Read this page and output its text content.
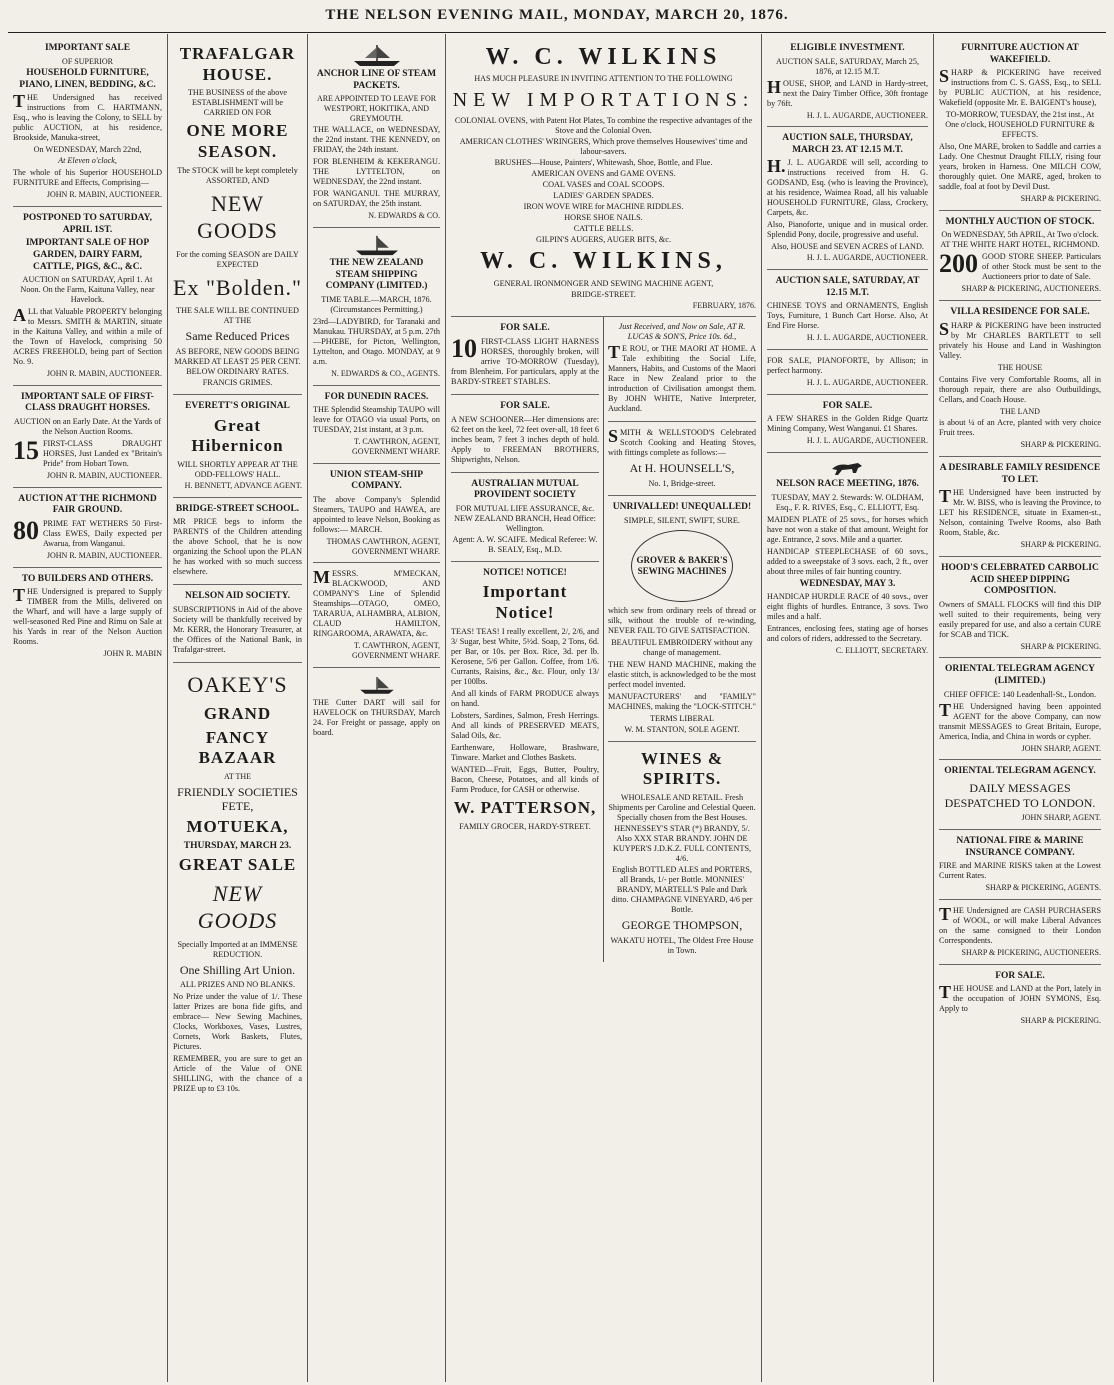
THE NELSON EVENING MAIL, MONDAY, MARCH 20, 1876.
IMPORTANT SALE
OF SUPERIOR
HOUSEHOLD FURNITURE, PIANO, LINEN, BEDDING, &C.
THE Undersigned has received instructions from C. HARTMANN, Esq., who is leaving the Colony, to SELL by public AUCTION, at his residence, Brookside, Manuka-street,
On WEDNESDAY, March 22nd,
At Eleven o'clock,
The whole of his Superior HOUSEHOLD FURNITURE and Effects, Comprising—
JOHN R. MABIN, AUCTIONEER.
POSTPONED TO SATURDAY, APRIL 1ST.
IMPORTANT SALE OF HOP GARDEN, DAIRY FARM, CATTLE, PIGS, &C., &C.
AUCTION on SATURDAY, April 1. At Noon. On the Farm, Kaituna Valley, near Havelock.
ALL that Valuable PROPERTY belonging to Messrs. SMITH & MARTIN, situate in the Kaituna Valley, and within a mile of the Town of Havelock, comprising 50 ACRES FREEHOLD, being part of Section No. 9.
JOHN R. MABIN, AUCTIONEER.
IMPORTANT SALE OF FIRST-CLASS DRAUGHT HORSES.
AUCTION on an Early Date. At the Yards of the Nelson Auction Rooms.
15 FIRST-CLASS DRAUGHT HORSES, Just Landed ex "Britain's Pride" from Hobart Town.
JOHN R. MABIN, AUCTIONEER.
AUCTION AT THE RICHMOND FAIR GROUND.
80 PRIME FAT WETHERS 50 First-Class EWES, Daily expected per Awarua, from Wanganui.
JOHN R. MABIN, AUCTIONEER.
TO BUILDERS AND OTHERS.
THE Undersigned is prepared to Supply TIMBER from the Mills, delivered on the Wharf, and will have a large supply of well-seasoned Red Pine and Rimu on Sale at his Yards in rear of the Nelson Auction Rooms.
JOHN R. MABIN
TRAFALGAR HOUSE.
THE BUSINESS of the above ESTABLISHMENT will be CARRIED ON FOR
ONE MORE SEASON.
The STOCK will be kept completely ASSORTED, AND
NEW GOODS
For the coming SEASON are DAILY EXPECTED
Ex "Bolden."
THE SALE WILL BE CONTINUED AT THE
Same Reduced Prices
AS BEFORE, NEW GOODS BEING MARKED AT LEAST 25 PER CENT. BELOW ORDINARY RATES.
FRANCIS GRIMES.
EVERETT'S ORIGINAL
Great Hibernicon
WILL SHORTLY APPEAR AT THE ODD-FELLOWS' HALL.
H. BENNETT, ADVANCE AGENT.
BRIDGE-STREET SCHOOL.
MR PRICE begs to inform the PARENTS of the Children attending the above School, that he is now organizing the School upon the PLAN he has worked with so much success elsewhere.
NELSON AID SOCIETY.
SUBSCRIPTIONS in Aid of the above Society will be thankfully received by Mr. KERR, the Honorary Treasurer, at the Offices of the National Bank, in Trafalgar-street.
OAKEY'S
GRAND
FANCY BAZAAR
AT THE
FRIENDLY SOCIETIES FETE,
MOTUEKA,
THURSDAY, MARCH 23.
GREAT SALE
NEW GOODS
Specially Imported at an IMMENSE REDUCTION.
One Shilling Art Union.
ALL PRIZES AND NO BLANKS.
No Prize under the value of 1/. These latter Prizes are bona fide gifts, and embrace— New Sewing Machines, Clocks, Workboxes, Vases, Lustres, Cornets, Work Baskets, Flutes, Pictures.
REMEMBER, you are sure to get an Article of the Value of ONE SHILLING, with the chance of a PRIZE up to £3 10s.
ANCHOR LINE OF STEAM PACKETS.
ARE APPOINTED TO LEAVE FOR WESTPORT, HOKITIKA, AND GREYMOUTH.
THE WALLACE, on WEDNESDAY, the 22nd instant. THE KENNEDY, on FRIDAY, the 24th instant.
FOR BLENHEIM & KEKERANGU. THE LYTTELTON, on WEDNESDAY, the 22nd instant.
FOR WANGANUI. THE MURRAY, on SATURDAY, the 25th instant.
N. EDWARDS & CO.
THE NEW ZEALAND STEAM SHIPPING COMPANY (LIMITED.)
TIME TABLE.—MARCH, 1876. (Circumstances Permitting.)
23rd—LADYBIRD, for Taranaki and Manukau. THURSDAY, at 5 p.m. 27th—PHŒBE, for Picton, Wellington, Lyttelton, and Otago. MONDAY, at 9 a.m.
N. EDWARDS & CO., AGENTS.
FOR DUNEDIN RACES.
THE Splendid Steamship TAUPO will leave for OTAGO via usual Ports, on TUESDAY, 21st instant, at 3 p.m.
T. CAWTHRON, AGENT, GOVERNMENT WHARF.
UNION STEAM-SHIP COMPANY.
The above Company's Splendid Steamers, TAUPO and HAWEA, are appointed to leave Nelson, Booking as follows:— MARCH.
THOMAS CAWTHRON, AGENT, GOVERNMENT WHARF.
MESSRS. M'MECKAN, BLACKWOOD, AND COMPANY'S Line of Splendid Steamships—OTAGO, OMEO, TARARUA, ALHAMBRA, ALBION, CLAUD HAMILTON, RINGAROOMA, ARAWATA, &c.
T. CAWTHRON, AGENT, GOVERNMENT WHARF.
THE Cutter DART will sail for HAVELOCK on THURSDAY, March 24. For Freight or passage, apply on board.
W. C. WILKINS
HAS MUCH PLEASURE IN INVITING ATTENTION TO THE FOLLOWING
NEW IMPORTATIONS:
COLONIAL OVENS, with Patent Hot Plates, To combine the respective advantages of the Stove and the Colonial Oven.
AMERICAN CLOTHES' WRINGERS, Which prove themselves Housewives' time and labour-savers.
BRUSHES—House, Painters', Whitewash, Shoe, Bottle, and Flue.
AMERICAN OVENS and GAME OVENS.
COAL VASES and COAL SCOOPS.
LADIES' GARDEN SPADES.
IRON WOVE WIRE for MACHINE RIDDLES.
HORSE SHOE NAILS.
CATTLE BELLS.
GILPIN'S AUGERS, AUGER BITS, &c.
W. C. WILKINS,
GENERAL IRONMONGER AND SEWING MACHINE AGENT,
BRIDGE-STREET.
FEBRUARY, 1876.
FOR SALE.
10 FIRST-CLASS LIGHT HARNESS HORSES, thoroughly broken, will arrive TO-MORROW (Tuesday), from Blenheim. For particulars, apply at the BARDY-STREET STABLES.
FOR SALE.
A NEW SCHOONER—Her dimensions are: 62 feet on the keel, 72 feet over-all, 18 feet 6 inches beam, 7 feet 3 inches depth of hold. Apply to FREEMAN BROTHERS, Shipwrights, Nelson.
AUSTRALIAN MUTUAL PROVIDENT SOCIETY
FOR MUTUAL LIFE ASSURANCE, &c. NEW ZEALAND BRANCH, Head Office: Wellington.
Agent: A. W. SCAIFE. Medical Referee: W. B. SEALY, Esq., M.D.
NOTICE! NOTICE!
Important Notice!
TEAS! TEAS! I really excellent, 2/, 2/6, and 3/ Sugar, best White, 5½d. Soap, 2 Tons, 6d. per Bar, or 10s. per Box. Rice, 3d. per lb. Kerosene, 5/6 per Gallon. Coffee, from 1/6. Currants, Raisins, &c., &c. Flour, only 13/ per 100lbs.
And all kinds of FARM PRODUCE always on hand.
Lobsters, Sardines, Salmon, Fresh Herrings. And all kinds of PRESERVED MEATS, Salad Oils, &c.
Earthenware, Holloware, Brashware, Tinware. Market and Clothes Baskets.
WANTED—Fruit, Eggs, Butter, Poultry, Bacon, Cheese, Potatoes, and all kinds of Farm Produce, for CASH or otherwise.
W. PATTERSON,
FAMILY GROCER, HARDY-STREET.
Just Received, and Now on Sale, AT R. LUCAS & SON'S, Price 10s. 6d.,
TE ROU, or THE MAORI AT HOME. A Tale exhibiting the Social Life, Manners, Habits, and Customs of the Maori Race in New Zealand prior to the introduction of Civilisation amongst them. By JOHN WHITE, Native Interpreter, Auckland.
SMITH & WELLSTOOD'S Celebrated Scotch Cooking and Heating Stoves, with fittings complete as follows:—
At H. HOUNSELL'S,
No. 1, Bridge-street.
UNRIVALLED! UNEQUALLED!
SIMPLE, SILENT, SWIFT, SURE.
GROVER & BAKER'S SEWING MACHINES
which sew from ordinary reels of thread or silk, without the trouble of re-winding, NEVER FAIL TO GIVE SATISFACTION.
BEAUTIFUL EMBROIDERY without any change of management.
THE NEW HAND MACHINE, making the elastic stitch, is acknowledged to be the most perfect model invented.
MANUFACTURERS' and "FAMILY" MACHINES, making the "LOCK-STITCH."
TERMS LIBERAL
W. M. STANTON, SOLE AGENT.
WINES & SPIRITS.
WHOLESALE AND RETAIL. Fresh Shipments per Caroline and Celestial Queen. Specially chosen from the Best Houses.
HENNESSEY'S STAR (*) BRANDY, 5/. Also XXX STAR BRANDY. JOHN DE KUYPER'S J.D.K.Z. FULL CONTENTS, 4/6.
English BOTTLED ALES and PORTERS, all Brands, 1/- per Bottle. MONNIES' BRANDY, MARTELL'S Pale and Dark ditto. CHAMPAGNE VINEYARD, 4/6 per Bottle.
GEORGE THOMPSON,
WAKATU HOTEL, The Oldest Free House in Town.
ELIGIBLE INVESTMENT.
AUCTION SALE, SATURDAY, March 25, 1876, at 12.15 M.T.
HOUSE, SHOP, and LAND in Hardy-street, next the Dairy Timber Office, 30ft frontage by 76ft.
H. J. L. AUGARDE, AUCTIONEER.
AUCTION SALE, THURSDAY, MARCH 23. AT 12.15 M.T.
H.J. L. AUGARDE will sell, according to instructions received from H. G. GODSAND, Esq. (who is leaving the Province), at his residence, Waimea Road, all his valuable HOUSEHOLD FURNITURE, Glass, Crockery, Carpets, &c.
Also, Pianoforte, unique and in musical order. Splendid Pony, docile, progressive and useful.
Also, HOUSE and SEVEN ACRES of LAND.
H. J. L. AUGARDE, AUCTIONEER.
AUCTION SALE, SATURDAY, AT 12.15 M.T.
CHINESE TOYS and ORNAMENTS, English Toys, Furniture, 1 Bunch Cart Horse. Also, At End Fire Horse.
H. J. L. AUGARDE, AUCTIONEER.
FOR SALE, PIANOFORTE, by Allison; in perfect harmony.
H. J. L. AUGARDE, AUCTIONEER.
FOR SALE.
A FEW SHARES in the Golden Ridge Quartz Mining Company, West Wanganui. £1 Shares.
H. J. L. AUGARDE, AUCTIONEER.
NELSON RACE MEETING, 1876.
TUESDAY, MAY 2. Stewards: W. OLDHAM, Esq., F. R. RIVES, Esq., C. ELLIOTT, Esq.
MAIDEN PLATE of 25 sovs., for horses which have not won a stake of that amount. Weight for age. Entrance, 2 sovs. Mile and a quarter.
HANDICAP STEEPLECHASE of 60 sovs., added to a sweepstake of 3 sovs. each, 2 ft., over about three miles of fair hunting country.
WEDNESDAY, MAY 3.
HANDICAP HURDLE RACE of 40 sovs., over eight flights of hurdles. Entrance, 3 sovs. Two miles and a half.
Entrances, enclosing fees, stating age of horses and colors of riders, addressed to the Secretary.
C. ELLIOTT, SECRETARY.
FURNITURE AUCTION AT WAKEFIELD.
SHARP & PICKERING have received instructions from C. S. GASS, Esq., to SELL by PUBLIC AUCTION, at his residence, Wakefield (opposite Mr. E. BAIGENT's house),
TO-MORROW, TUESDAY, the 21st inst., At One o'clock, HOUSEHOLD FURNITURE & EFFECTS.
Also, One MARE, broken to Saddle and carries a Lady. One Chestnut Draught FILLY, rising four years, broken in Harness. One MILCH COW, thoroughly quiet. One MARE, aged, broken to saddle, foal at foot by Devil Dust.
SHARP & PICKERING.
MONTHLY AUCTION OF STOCK.
On WEDNESDAY, 5th APRIL, At Two o'clock. AT THE WHITE HART HOTEL, RICHMOND.
200 GOOD STORE SHEEP. Particulars of other Stock must be sent to the Auctioneers prior to date of Sale.
SHARP & PICKERING, AUCTIONEERS.
VILLA RESIDENCE FOR SALE.
SHARP & PICKERING have been instructed by Mr CHARLES BARTLETT to sell privately his House and Land in Washington Valley.
THE HOUSE
Contains Five very Comfortable Rooms, all in thorough repair, there are also Outbuildings, Cellars, and Coach House.
THE LAND
is about ¼ of an Acre, planted with very choice Fruit trees.
SHARP & PICKERING.
A DESIRABLE FAMILY RESIDENCE TO LET.
THE Undersigned have been instructed by Mr. W. BISS, who is leaving the Province, to LET his RESIDENCE, situate in Examen-st., Nelson, containing Twelve Rooms, also Bath Room, Stable, &c.
SHARP & PICKERING.
HOOD'S CELEBRATED CARBOLIC ACID SHEEP DIPPING COMPOSITION.
Owners of SMALL FLOCKS will find this DIP well suited to their requirements, being very easily prepared for use, and also a certain CURE for SCAB and TICK.
SHARP & PICKERING.
ORIENTAL TELEGRAM AGENCY (LIMITED.)
CHIEF OFFICE: 140 Leadenhall-St., London.
THE Undersigned having been appointed AGENT for the above Company, can now transmit MESSAGES to Great Britain, Europe, America, India, and China in words or cypher.
JOHN SHARP, AGENT.
ORIENTAL TELEGRAM AGENCY.
DAILY MESSAGES DESPATCHED TO LONDON.
JOHN SHARP, AGENT.
NATIONAL FIRE & MARINE INSURANCE COMPANY.
FIRE and MARINE RISKS taken at the Lowest Current Rates.
SHARP & PICKERING, AGENTS.
THE Undersigned are CASH PURCHASERS of WOOL, or will make Liberal Advances on the same consigned to their London Correspondents.
SHARP & PICKERING, AUCTIONEERS.
FOR SALE.
THE HOUSE and LAND at the Port, lately in the occupation of JOHN SYMONS, Esq. Apply to
SHARP & PICKERING.
